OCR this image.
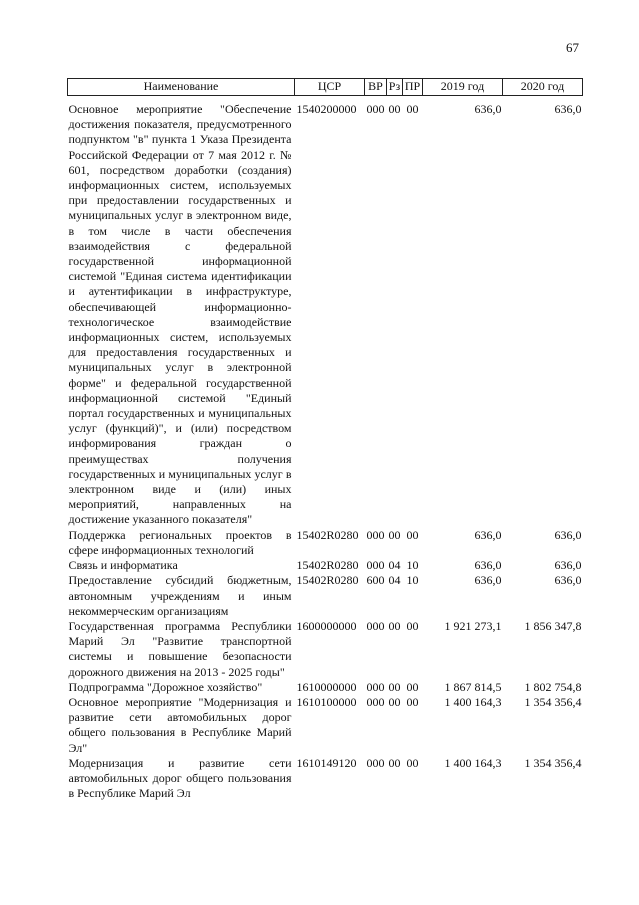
67
Наименование	ЦСР	ВР	Рз	ПР	2019 год	2020 год

Основное мероприятие "Обеспечение достижения показателя, предусмотренного подпунктом "в" пункта 1 Указа Президента Российской Федерации от 7 мая 2012 г. № 601, посредством доработки (создания) информационных систем, используемых при предоставлении государственных и муниципальных услуг в электронном виде, в том числе в части обеспечения взаимодействия с федеральной государственной информационной системой "Единая система идентификации и аутентификации в инфраструктуре, обеспечивающей информационно-технологическое взаимодействие информационных систем, используемых для предоставления государственных и муниципальных услуг в электронной форме" и федеральной государственной информационной системой "Единый портал государственных и муниципальных услуг (функций)", и (или) посредством информирования граждан о преимуществах получения государственных и муниципальных услуг в электронном виде и (или) иных мероприятий, направленных на достижение указанного показателя"	1540200000	000	00	00	636,0	636,0
Поддержка региональных проектов в сфере информационных технологий	15402R0280	000	00	00	636,0	636,0
Связь и информатика	15402R0280	000	04	10	636,0	636,0
Предоставление субсидий бюджетным, автономным учреждениям и иным некоммерческим организациям	15402R0280	600	04	10	636,0	636,0
Государственная программа Республики Марий Эл "Развитие транспортной системы и повышение безопасности дорожного движения на 2013 - 2025 годы"	1600000000	000	00	00	1 921 273,1	1 856 347,8
Подпрограмма "Дорожное хозяйство"	1610000000	000	00	00	1 867 814,5	1 802 754,8
Основное мероприятие "Модернизация и развитие сети автомобильных дорог общего пользования в Республике Марий Эл"	1610100000	000	00	00	1 400 164,3	1 354 356,4
Модернизация и развитие сети автомобильных дорог общего пользования в Республике Марий Эл	1610149120	000	00	00	1 400 164,3	1 354 356,4
